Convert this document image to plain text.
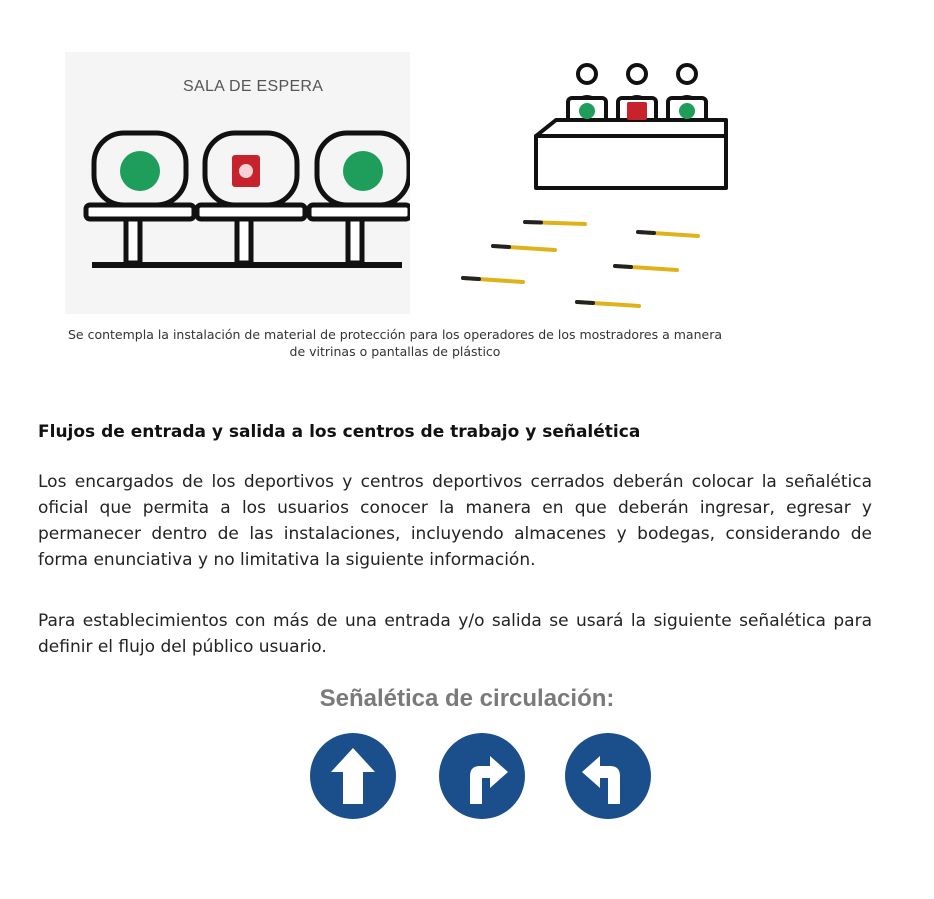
SALA DE ESPERA
Se contempla la instalación de material de protección para los operadores de los mostradores a manera de vitrinas o pantallas de plástico
Flujos de entrada y salida a los centros de trabajo y señalética

Los encargados de los deportivos y centros deportivos cerrados deberán colocar la señalética oficial que permita a los usuarios conocer la manera en que deberán ingresar, egresar y permanecer dentro de las instalaciones, incluyendo almacenes y bodegas, considerando de forma enunciativa y no limitativa la siguiente información.

Para establecimientos con más de una entrada y/o salida se usará la siguiente señalética para definir el flujo del público usuario.

Señalética de circulación:
